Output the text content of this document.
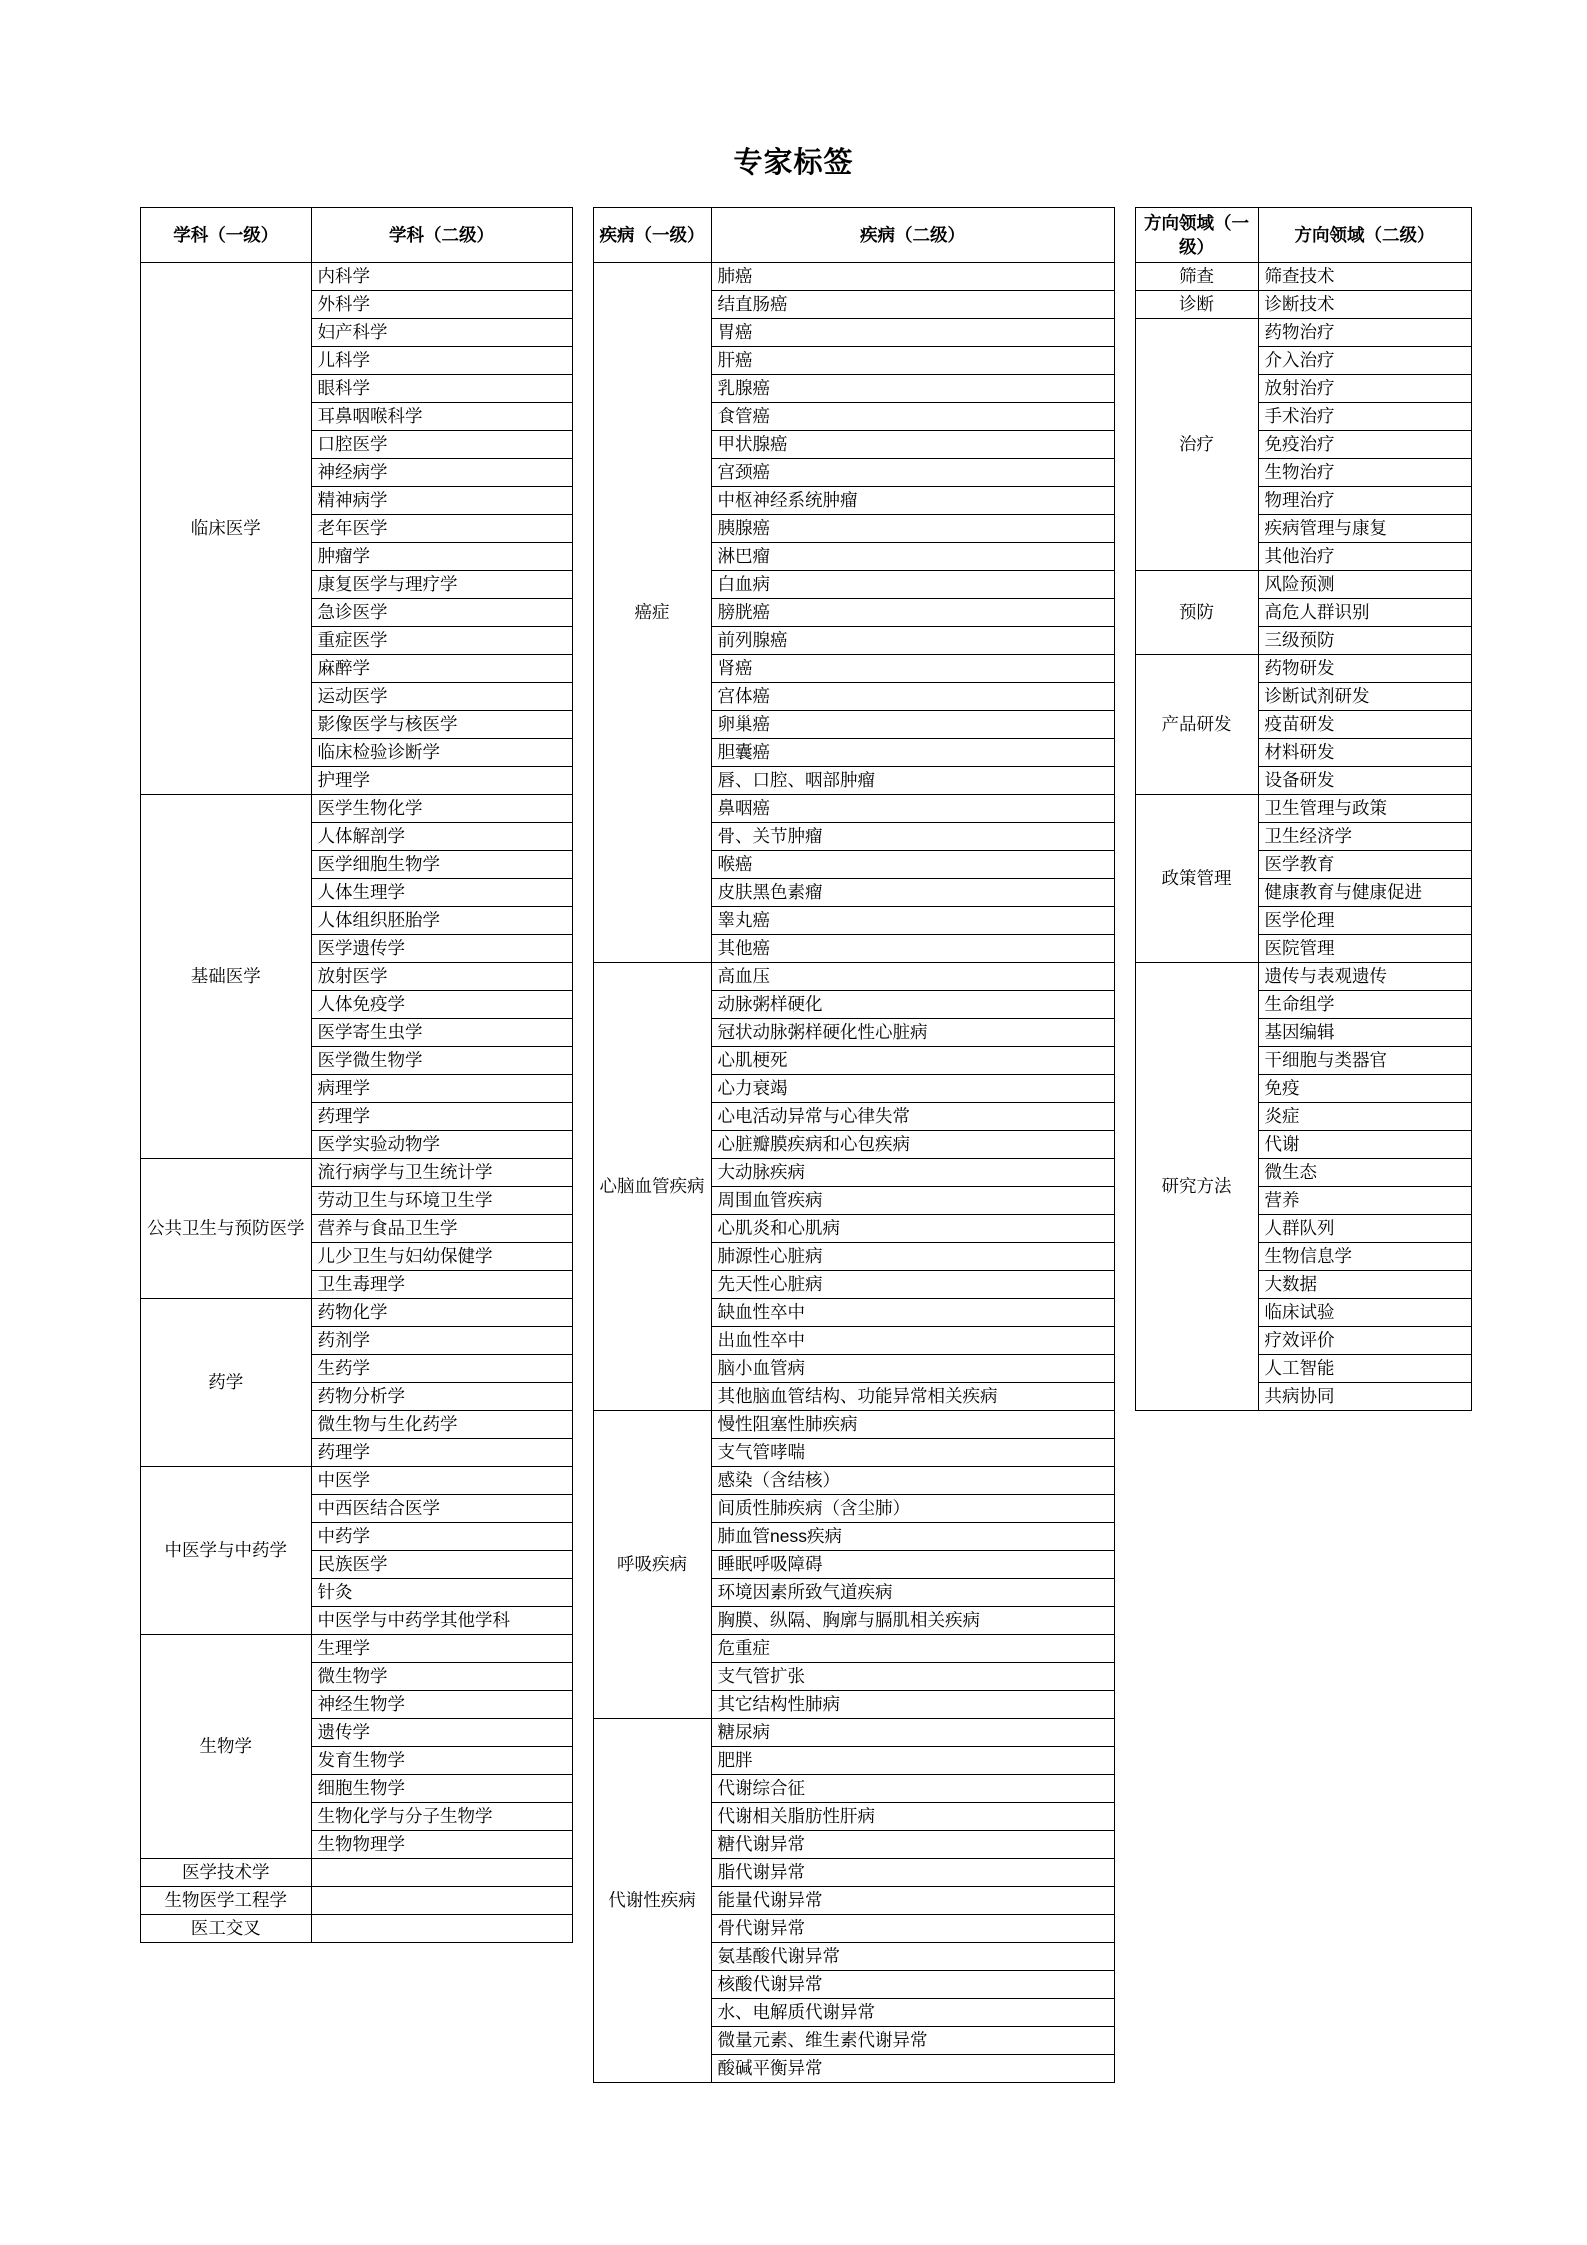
专家标签
学科（一级）	学科（二级）
临床医学	内科学
	外科学
	妇产科学
	儿科学
	眼科学
	耳鼻咽喉科学
	口腔医学
	神经病学
	精神病学
	老年医学
	肿瘤学
	康复医学与理疗学
	急诊医学
	重症医学
	麻醉学
	运动医学
	影像医学与核医学
	临床检验诊断学
	护理学
基础医学	医学生物化学
	人体解剖学
	医学细胞生物学
	人体生理学
	人体组织胚胎学
	医学遗传学
	放射医学
	人体免疫学
	医学寄生虫学
	医学微生物学
	病理学
	药理学
	医学实验动物学
公共卫生与预防医学	流行病学与卫生统计学
	劳动卫生与环境卫生学
	营养与食品卫生学
	儿少卫生与妇幼保健学
	卫生毒理学
药学	药物化学
	药剂学
	生药学
	药物分析学
	微生物与生化药学
	药理学
中医学与中药学	中医学
	中西医结合医学
	中药学
	民族医学
	针灸
	中医学与中药学其他学科
生物学	生理学
	微生物学
	神经生物学
	遗传学
	发育生物学
	细胞生物学
	生物化学与分子生物学
	生物物理学
医学技术学	
生物医学工程学	
医工交叉	
疾病（一级）	疾病（二级）
癌症	肺癌
	结直肠癌
	胃癌
	肝癌
	乳腺癌
	食管癌
	甲状腺癌
	宫颈癌
	中枢神经系统肿瘤
	胰腺癌
	淋巴瘤
	白血病
	膀胱癌
	前列腺癌
	肾癌
	宫体癌
	卵巢癌
	胆囊癌
	唇、口腔、咽部肿瘤
	鼻咽癌
	骨、关节肿瘤
	喉癌
	皮肤黑色素瘤
	睾丸癌
	其他癌
心脑血管疾病	高血压
	动脉粥样硬化
	冠状动脉粥样硬化性心脏病
	心肌梗死
	心力衰竭
	心电活动异常与心律失常
	心脏瓣膜疾病和心包疾病
	大动脉疾病
	周围血管疾病
	心肌炎和心肌病
	肺源性心脏病
	先天性心脏病
	缺血性卒中
	出血性卒中
	脑小血管病
	其他脑血管结构、功能异常相关疾病
呼吸疾病	慢性阻塞性肺疾病
	支气管哮喘
	感染（含结核）
	间质性肺疾病（含尘肺）
	肺血管ness疾病
	睡眠呼吸障碍
	环境因素所致气道疾病
	胸膜、纵隔、胸廓与膈肌相关疾病
	危重症
	支气管扩张
	其它结构性肺病
代谢性疾病	糖尿病
	肥胖
	代谢综合征
	代谢相关脂肪性肝病
	糖代谢异常
	脂代谢异常
	能量代谢异常
	骨代谢异常
	氨基酸代谢异常
	核酸代谢异常
	水、电解质代谢异常
	微量元素、维生素代谢异常
	酸碱平衡异常
方向领域（一级）	方向领域（二级）
筛查	筛查技术
诊断	诊断技术
治疗	药物治疗
	介入治疗
	放射治疗
	手术治疗
	免疫治疗
	生物治疗
	物理治疗
	疾病管理与康复
	其他治疗
预防	风险预测
	高危人群识别
	三级预防
产品研发	药物研发
	诊断试剂研发
	疫苗研发
	材料研发
	设备研发
政策管理	卫生管理与政策
	卫生经济学
	医学教育
	健康教育与健康促进
	医学伦理
	医院管理
研究方法	遗传与表观遗传
	生命组学
	基因编辑
	干细胞与类器官
	免疫
	炎症
	代谢
	微生态
	营养
	人群队列
	生物信息学
	大数据
	临床试验
	疗效评价
	人工智能
	共病协同
